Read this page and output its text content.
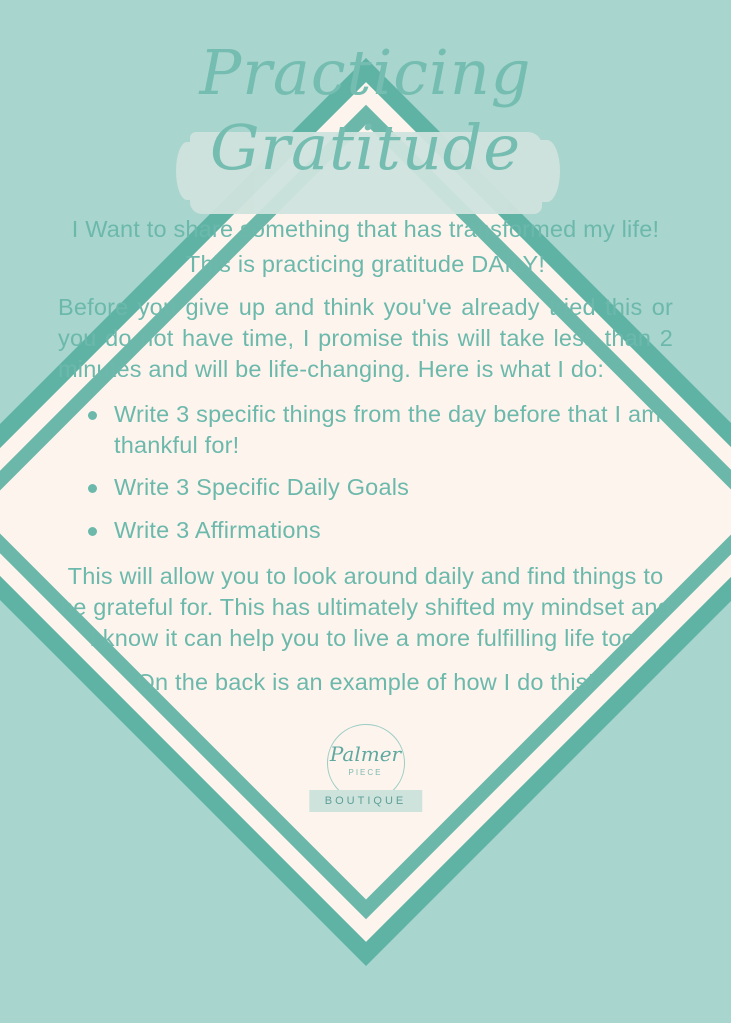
Practicing
Gratitude
I Want to share something that has transformed my life!
This is practicing gratitude DAILY!
Before you give up and think you've already tried this or you do not have time, I promise this will take less than 2 minutes and will be life-changing. Here is what I do:
Write 3 specific things from the day before that I am thankful for!
Write 3 Specific Daily Goals
Write 3 Affirmations
This will allow you to look around daily and find things to be grateful for. This has ultimately shifted my mindset and I know it can help you to live a more fulfilling life too!
On the back is an example of how I do this!
Palmer
PIECE
BOUTIQUE
